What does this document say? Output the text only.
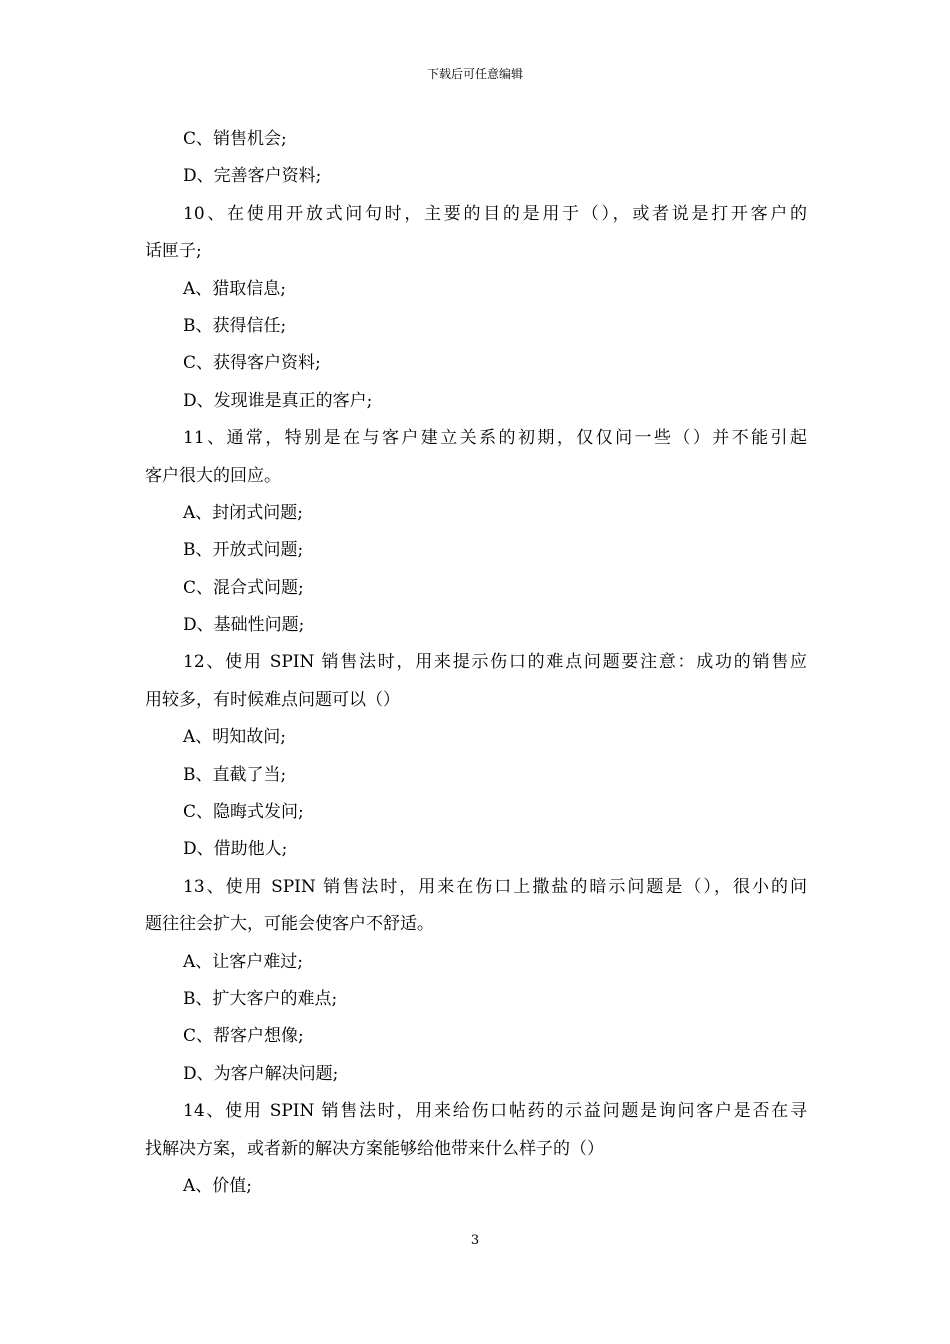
下载后可任意编辑
C、销售机会;
D、完善客户资料;
10、在使用开放式问句时，主要的目的是用于（），或者说是打开客户的
话匣子;
A、猎取信息;
B、获得信任;
C、获得客户资料;
D、发现谁是真正的客户;
11、通常，特别是在与客户建立关系的初期，仅仅问一些（）并不能引起
客户很大的回应。
A、封闭式问题;
B、开放式问题;
C、混合式问题;
D、基础性问题;
12、使用 SPIN 销售法时，用来提示伤口的难点问题要注意：成功的销售应
用较多，有时候难点问题可以（）
A、明知故问;
B、直截了当;
C、隐晦式发问;
D、借助他人;
13、使用 SPIN 销售法时，用来在伤口上撒盐的暗示问题是（），很小的问
题往往会扩大，可能会使客户不舒适。
A、让客户难过;
B、扩大客户的难点;
C、帮客户想像;
D、为客户解决问题;
14、使用 SPIN 销售法时，用来给伤口帖药的示益问题是询问客户是否在寻
找解决方案，或者新的解决方案能够给他带来什么样子的（）
A、价值;
3
